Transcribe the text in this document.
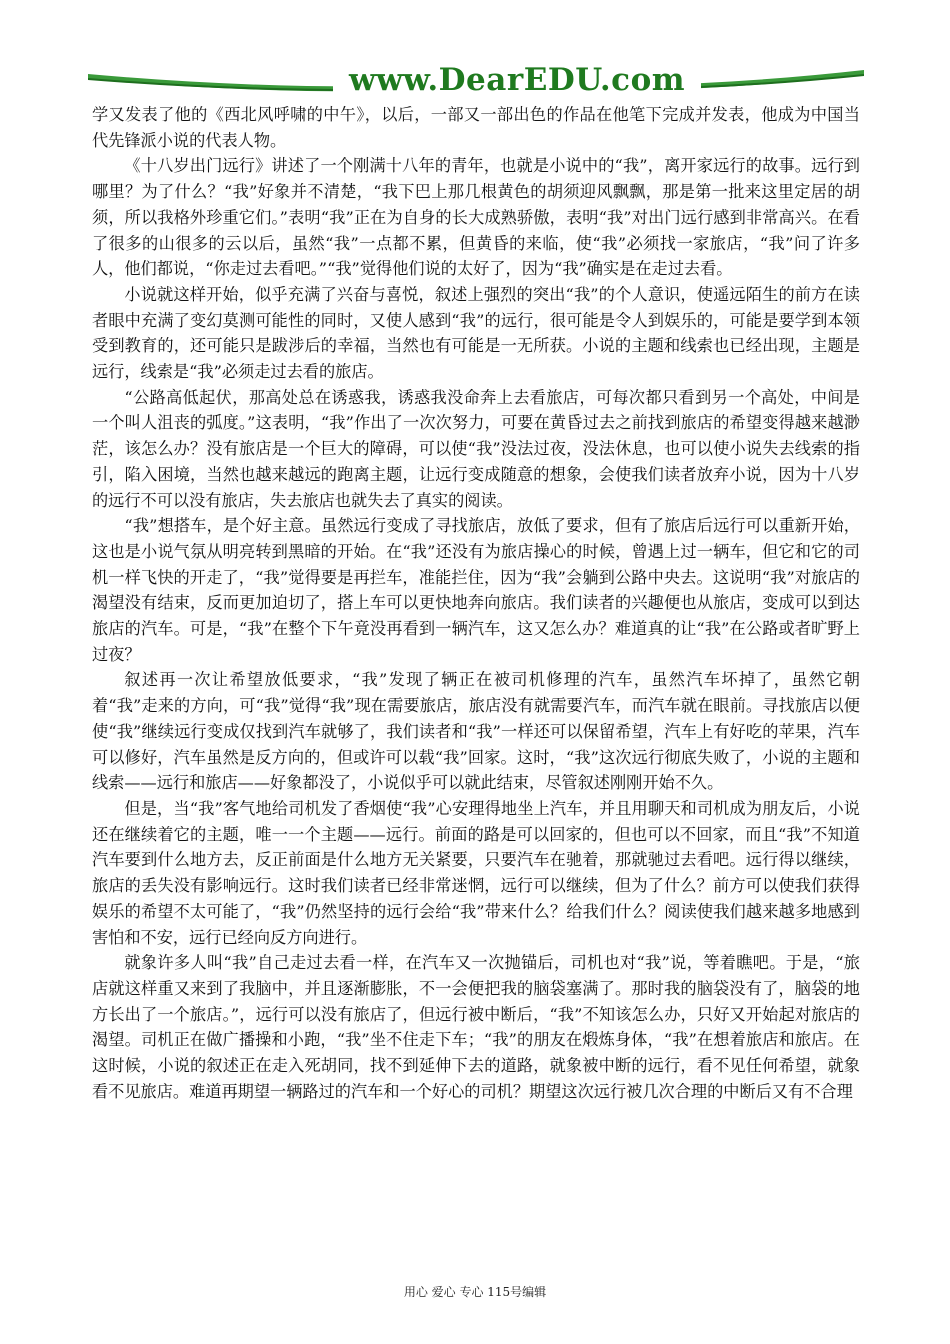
www.DearEDU.com

学又发表了他的《西北风呼啸的中午》，以后，一部又一部出色的作品在他笔下完成并发表，他成为中国当代先锋派小说的代表人物。

《十八岁出门远行》讲述了一个刚满十八年的青年，也就是小说中的“我”，离开家远行的故事。远行到哪里？为了什么？“我”好象并不清楚，“我下巴上那几根黄色的胡须迎风飘飘，那是第一批来这里定居的胡须，所以我格外珍重它们。”表明“我”正在为自身的长大成熟骄傲，表明“我”对出门远行感到非常高兴。在看了很多的山很多的云以后，虽然“我”一点都不累，但黄昏的来临，使“我”必须找一家旅店，“我”问了许多人，他们都说，“你走过去看吧。”“我”觉得他们说的太好了，因为“我”确实是在走过去看。

小说就这样开始，似乎充满了兴奋与喜悦，叙述上强烈的突出“我”的个人意识，使遥远陌生的前方在读者眼中充满了变幻莫测可能性的同时，又使人感到“我”的远行，很可能是令人到娱乐的，可能是要学到本领受到教育的，还可能只是跋涉后的幸福，当然也有可能是一无所获。小说的主题和线索也已经出现，主题是远行，线索是“我”必须走过去看的旅店。

“公路高低起伏，那高处总在诱惑我，诱惑我没命奔上去看旅店，可每次都只看到另一个高处，中间是一个叫人沮丧的弧度。”这表明，“我”作出了一次次努力，可要在黄昏过去之前找到旅店的希望变得越来越渺茫，该怎么办？没有旅店是一个巨大的障碍，可以使“我”没法过夜，没法休息，也可以使小说失去线索的指引，陷入困境，当然也越来越远的跑离主题，让远行变成随意的想象，会使我们读者放弃小说，因为十八岁的远行不可以没有旅店，失去旅店也就失去了真实的阅读。

“我”想搭车，是个好主意。虽然远行变成了寻找旅店，放低了要求，但有了旅店后远行可以重新开始，这也是小说气氛从明亮转到黑暗的开始。在“我”还没有为旅店操心的时候，曾遇上过一辆车，但它和它的司机一样飞快的开走了，“我”觉得要是再拦车，准能拦住，因为“我”会躺到公路中央去。这说明“我”对旅店的渴望没有结束，反而更加迫切了，搭上车可以更快地奔向旅店。我们读者的兴趣便也从旅店，变成可以到达旅店的汽车。可是，“我”在整个下午竟没再看到一辆汽车，这又怎么办？难道真的让“我”在公路或者旷野上过夜？

叙述再一次让希望放低要求，“我”发现了辆正在被司机修理的汽车，虽然汽车坏掉了，虽然它朝着“我”走来的方向，可“我”觉得“我”现在需要旅店，旅店没有就需要汽车，而汽车就在眼前。寻找旅店以便使“我”继续远行变成仅找到汽车就够了，我们读者和“我”一样还可以保留希望，汽车上有好吃的苹果，汽车可以修好，汽车虽然是反方向的，但或许可以载“我”回家。这时，“我”这次远行彻底失败了，小说的主题和线索——远行和旅店——好象都没了，小说似乎可以就此结束，尽管叙述刚刚开始不久。

但是，当“我”客气地给司机发了香烟使“我”心安理得地坐上汽车，并且用聊天和司机成为朋友后，小说还在继续着它的主题，唯一一个主题——远行。前面的路是可以回家的，但也可以不回家，而且“我”不知道汽车要到什么地方去，反正前面是什么地方无关紧要，只要汽车在驰着，那就驰过去看吧。远行得以继续，旅店的丢失没有影响远行。这时我们读者已经非常迷惘，远行可以继续，但为了什么？前方可以使我们获得娱乐的希望不太可能了，“我”仍然坚持的远行会给“我”带来什么？给我们什么？阅读使我们越来越多地感到害怕和不安，远行已经向反方向进行。

就象许多人叫“我”自己走过去看一样，在汽车又一次抛锚后，司机也对“我”说，等着瞧吧。于是，“旅店就这样重又来到了我脑中，并且逐渐膨胀，不一会便把我的脑袋塞满了。那时我的脑袋没有了，脑袋的地方长出了一个旅店。”，远行可以没有旅店了，但远行被中断后，“我”不知该怎么办，只好又开始起对旅店的渴望。司机正在做广播操和小跑，“我”坐不住走下车；“我”的朋友在煅炼身体，“我”在想着旅店和旅店。在这时候，小说的叙述正在走入死胡同，找不到延伸下去的道路，就象被中断的远行，看不见任何希望，就象看不见旅店。难道再期望一辆路过的汽车和一个好心的司机？期望这次远行被几次合理的中断后又有不合理

用心 爱心 专心 115号编辑
